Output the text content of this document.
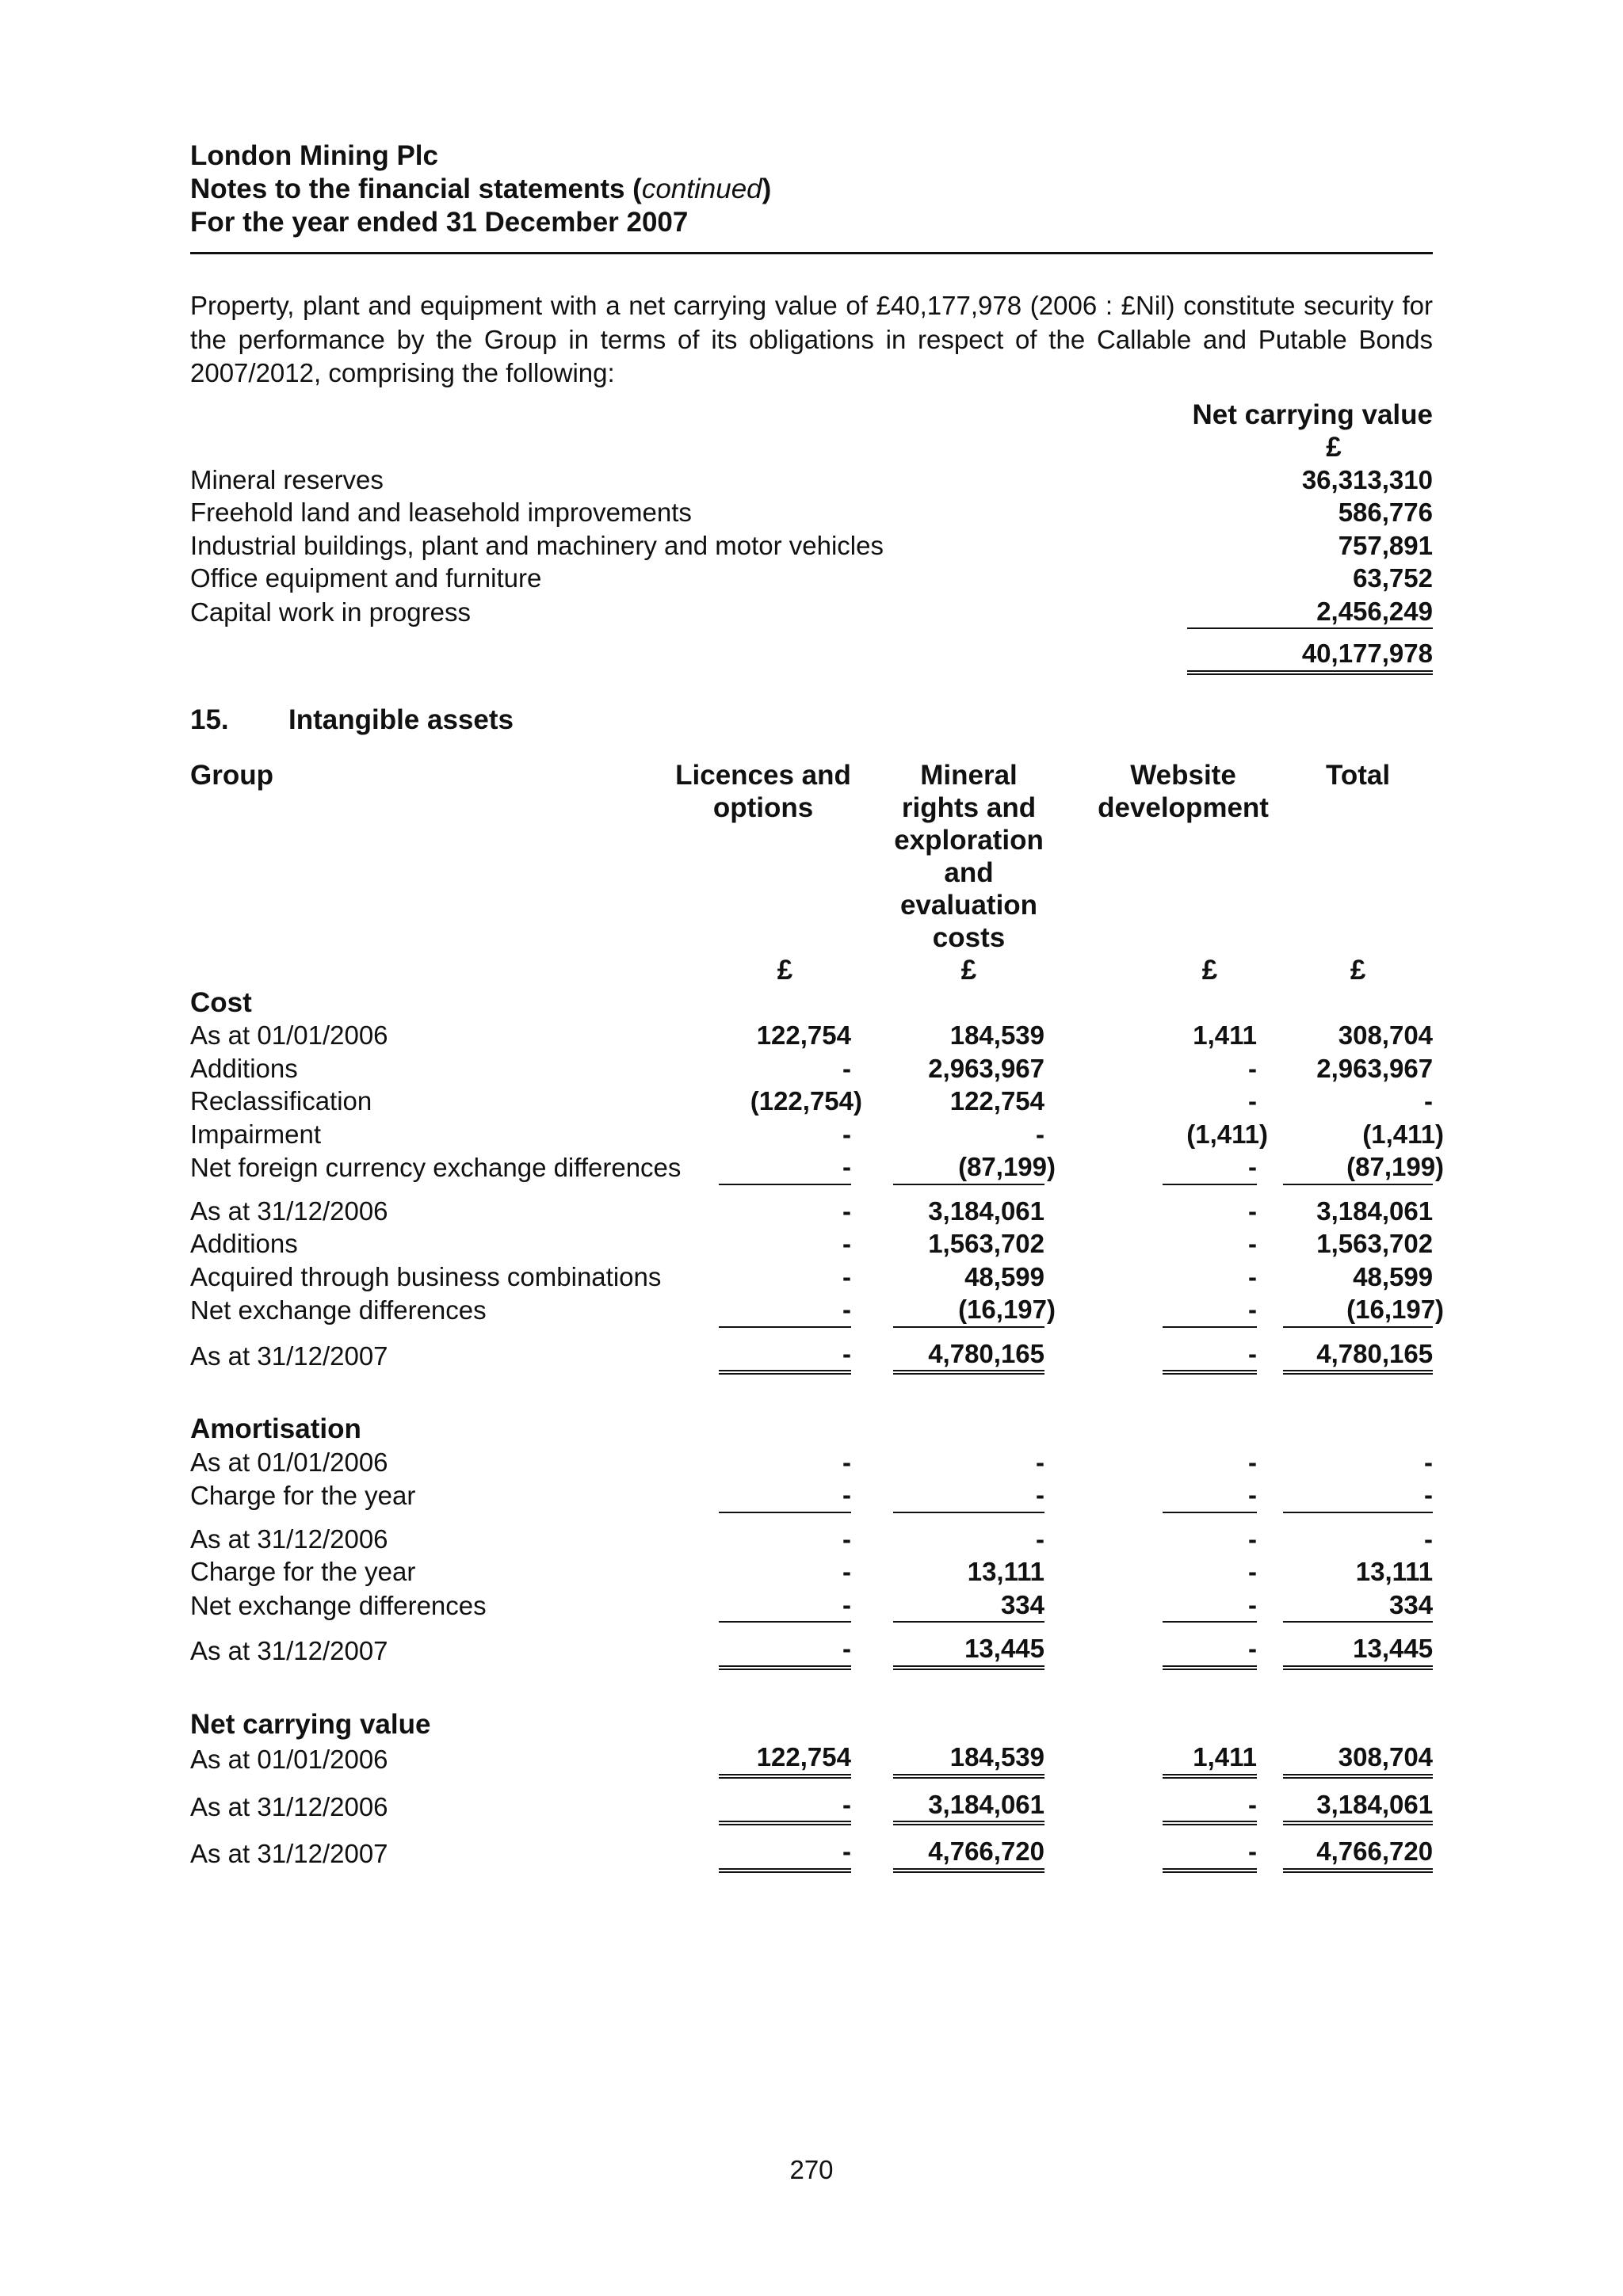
London Mining Plc
Notes to the financial statements (continued)
For the year ended 31 December 2007
Property, plant and equipment with a net carrying value of £40,177,978 (2006 : £Nil) constitute security for the performance by the Group in terms of its obligations in respect of the Callable and Putable Bonds 2007/2012, comprising the following:
	Net carrying value
	£
Mineral reserves	36,313,310
Freehold land and leasehold improvements	586,776
Industrial buildings, plant and machinery and motor vehicles	757,891
Office equipment and furniture	63,752
Capital work in progress	2,456,249
	40,177,978
15. Intangible assets
Group	Licences and options		Mineral rights and exploration and evaluation costs	Website development			Total
	£		£		£		£
Cost							
As at 01/01/2006	122,754		184,539		1,411		308,704
Additions	-		2,963,967		-		2,963,967
Reclassification	(122,754)		122,754		-		-
Impairment	-		-		(1,411)		(1,411)
Net foreign currency exchange differences	-		(87,199)		-		(87,199)
As at 31/12/2006	-		3,184,061		-		3,184,061
Additions	-		1,563,702		-		1,563,702
Acquired through business combinations	-		48,599		-		48,599
Net exchange differences	-		(16,197)		-		(16,197)
As at 31/12/2007	-		4,780,165		-		4,780,165

Amortisation							
As at 01/01/2006	-		-		-		-
Charge for the year	-		-		-		-
As at 31/12/2006	-		-		-		-
Charge for the year	-		13,111		-		13,111
Net exchange differences	-		334		-		334
As at 31/12/2007	-		13,445		-		13,445

Net carrying value							
As at 01/01/2006	122,754		184,539		1,411		308,704
As at 31/12/2006	-		3,184,061		-		3,184,061
As at 31/12/2007	-		4,766,720		-		4,766,720
270
